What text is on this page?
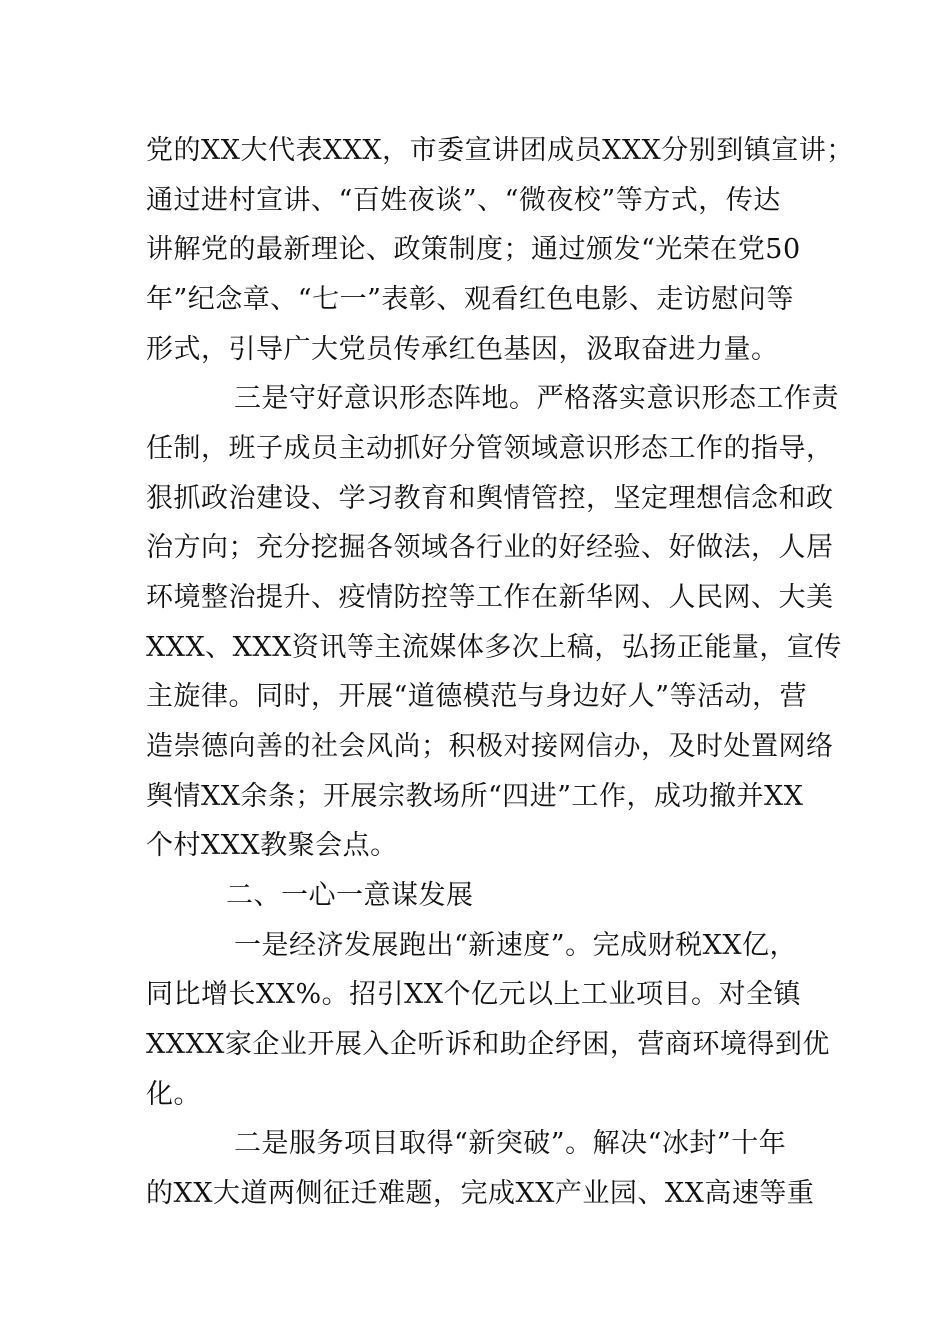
党的XX大代表XXX，市委宣讲团成员XXX分别到镇宣讲；
通过进村宣讲、“百姓夜谈”、“微夜校”等方式，传达
讲解党的最新理论、政策制度；通过颁发“光荣在党50
年”纪念章、“七一”表彰、观看红色电影、走访慰问等
形式，引导广大党员传承红色基因，汲取奋进力量。
三是守好意识形态阵地。严格落实意识形态工作责
任制，班子成员主动抓好分管领域意识形态工作的指导，
狠抓政治建设、学习教育和舆情管控，坚定理想信念和政
治方向；充分挖掘各领域各行业的好经验、好做法，人居
环境整治提升、疫情防控等工作在新华网、人民网、大美
XXX、XXX资讯等主流媒体多次上稿，弘扬正能量，宣传
主旋律。同时，开展“道德模范与身边好人”等活动，营
造崇德向善的社会风尚；积极对接网信办，及时处置网络
舆情XX余条；开展宗教场所“四进”工作，成功撤并XX
个村XXX教聚会点。
二、一心一意谋发展
一是经济发展跑出“新速度”。完成财税XX亿，
同比增长XX%。招引XX个亿元以上工业项目。对全镇
XXXX家企业开展入企听诉和助企纾困，营商环境得到优
化。
二是服务项目取得“新突破”。解决“冰封”十年
的XX大道两侧征迁难题，完成XX产业园、XX高速等重
